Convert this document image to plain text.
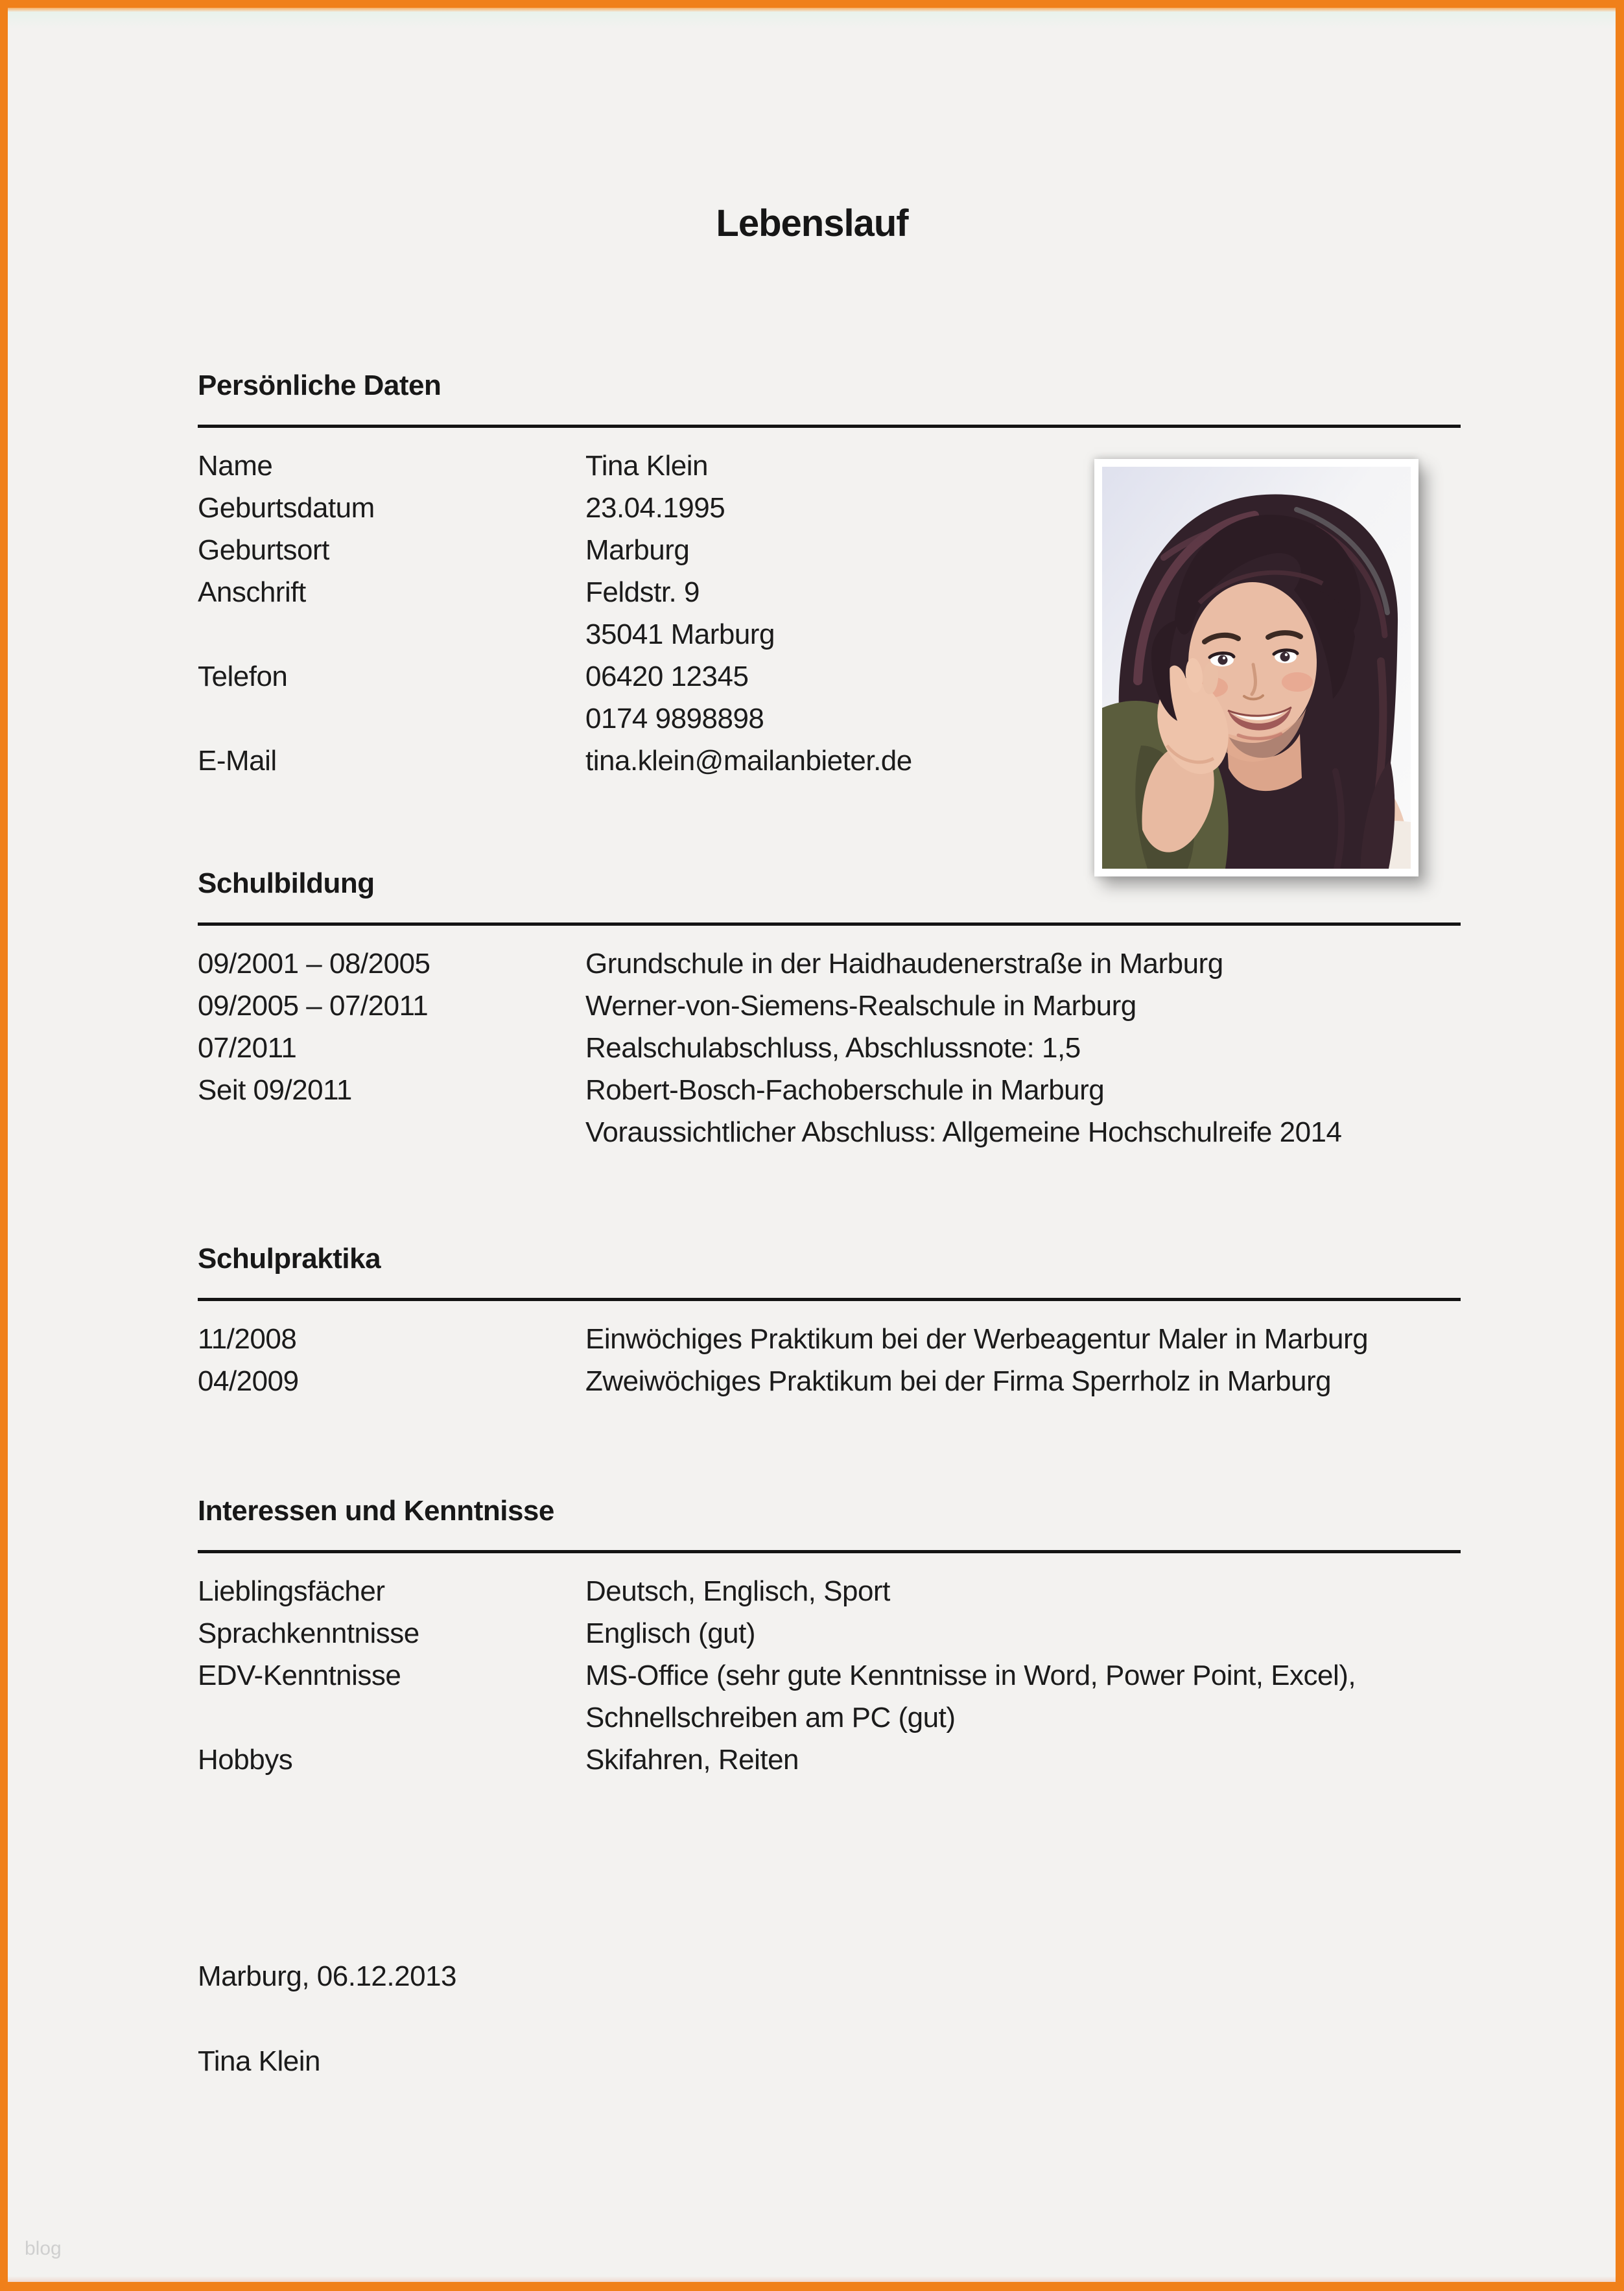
Lebenslauf
Persönliche Daten
Name	Tina Klein
Geburtsdatum	23.04.1995
Geburtsort	Marburg
Anschrift	Feldstr. 9
35041 Marburg
Telefon	06420 12345
0174 9898898
E-Mail	tina.klein@mailanbieter.de
Schulbildung
09/2001 – 08/2005	Grundschule in der Haidhaudenerstraße in Marburg
09/2005 – 07/2011	Werner-von-Siemens-Realschule in Marburg
07/2011	Realschulabschluss, Abschlussnote: 1,5
Seit 09/2011	Robert-Bosch-Fachoberschule in Marburg
Voraussichtlicher Abschluss: Allgemeine Hochschulreife 2014
Schulpraktika
11/2008	Einwöchiges Praktikum bei der Werbeagentur Maler in Marburg
04/2009	Zweiwöchiges Praktikum bei der Firma Sperrholz in Marburg
Interessen und Kenntnisse
Lieblingsfächer	Deutsch, Englisch, Sport
Sprachkenntnisse	Englisch (gut)
EDV-Kenntnisse	MS-Office (sehr gute Kenntnisse in Word, Power Point, Excel),
Schnellschreiben am PC (gut)
Hobbys	Skifahren, Reiten
Marburg, 06.12.2013
Tina Klein
blog
